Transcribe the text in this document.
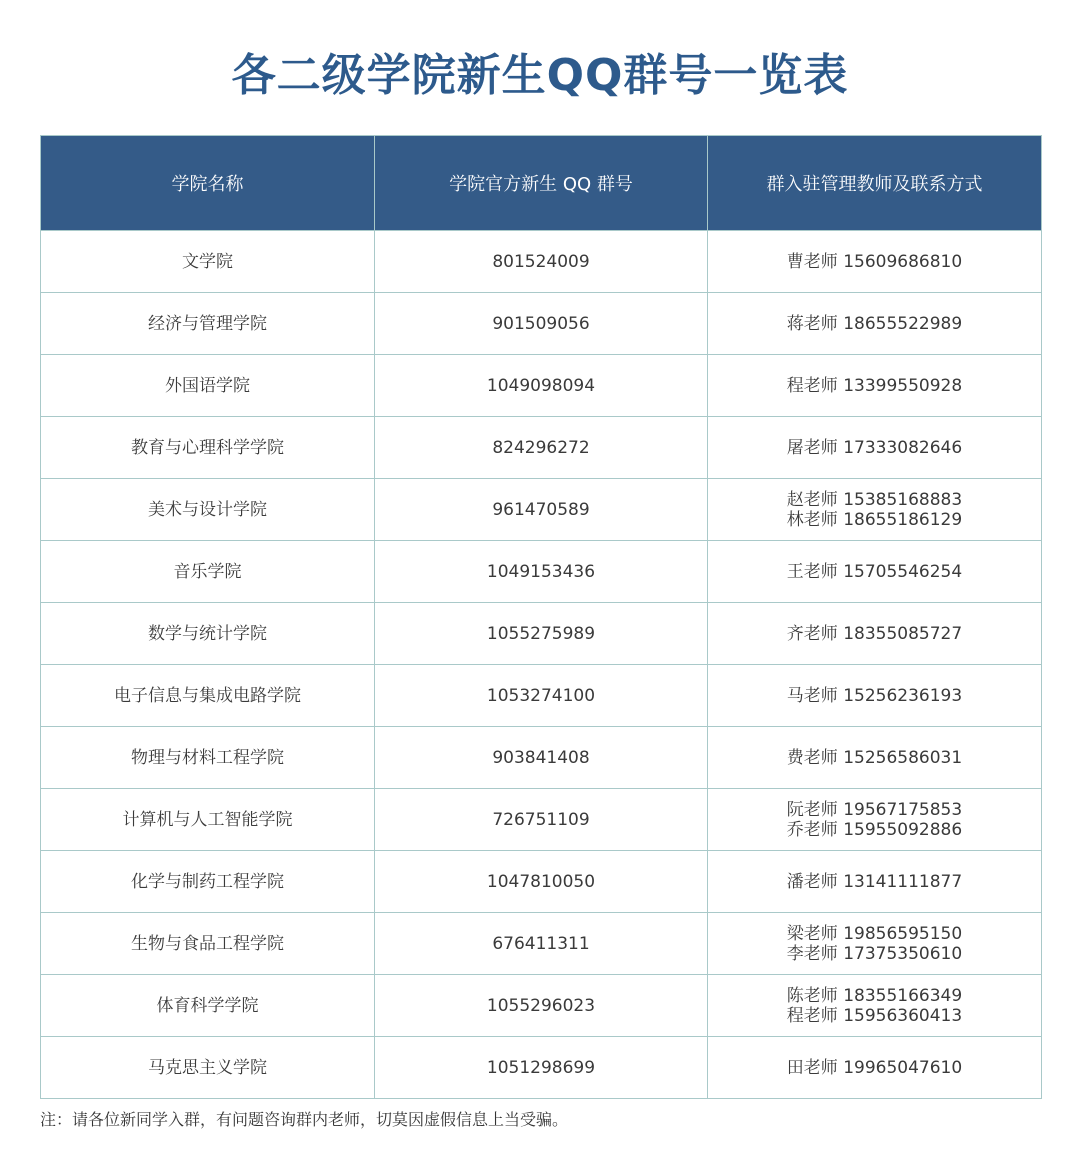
各二级学院新生QQ群号一览表
学院名称	学院官方新生 QQ 群号	群入驻管理教师及联系方式
文学院	801524009	曹老师 15609686810

经济与管理学院	901509056	蒋老师 18655522989

外国语学院	1049098094	程老师 13399550928

教育与心理科学学院	824296272	屠老师 17333082646

美术与设计学院	961470589	赵老师 15385168883
林老师 18655186129

音乐学院	1049153436	王老师 15705546254

数学与统计学院	1055275989	齐老师 18355085727

电子信息与集成电路学院	1053274100	马老师 15256236193

物理与材料工程学院	903841408	费老师 15256586031

计算机与人工智能学院	726751109	阮老师 19567175853
乔老师 15955092886

化学与制药工程学院	1047810050	潘老师 13141111877

生物与食品工程学院	676411311	梁老师 19856595150
李老师 17375350610

体育科学学院	1055296023	陈老师 18355166349
程老师 15956360413

马克思主义学院	1051298699	田老师 19965047610
注：请各位新同学入群，有问题咨询群内老师，切莫因虚假信息上当受骗。
